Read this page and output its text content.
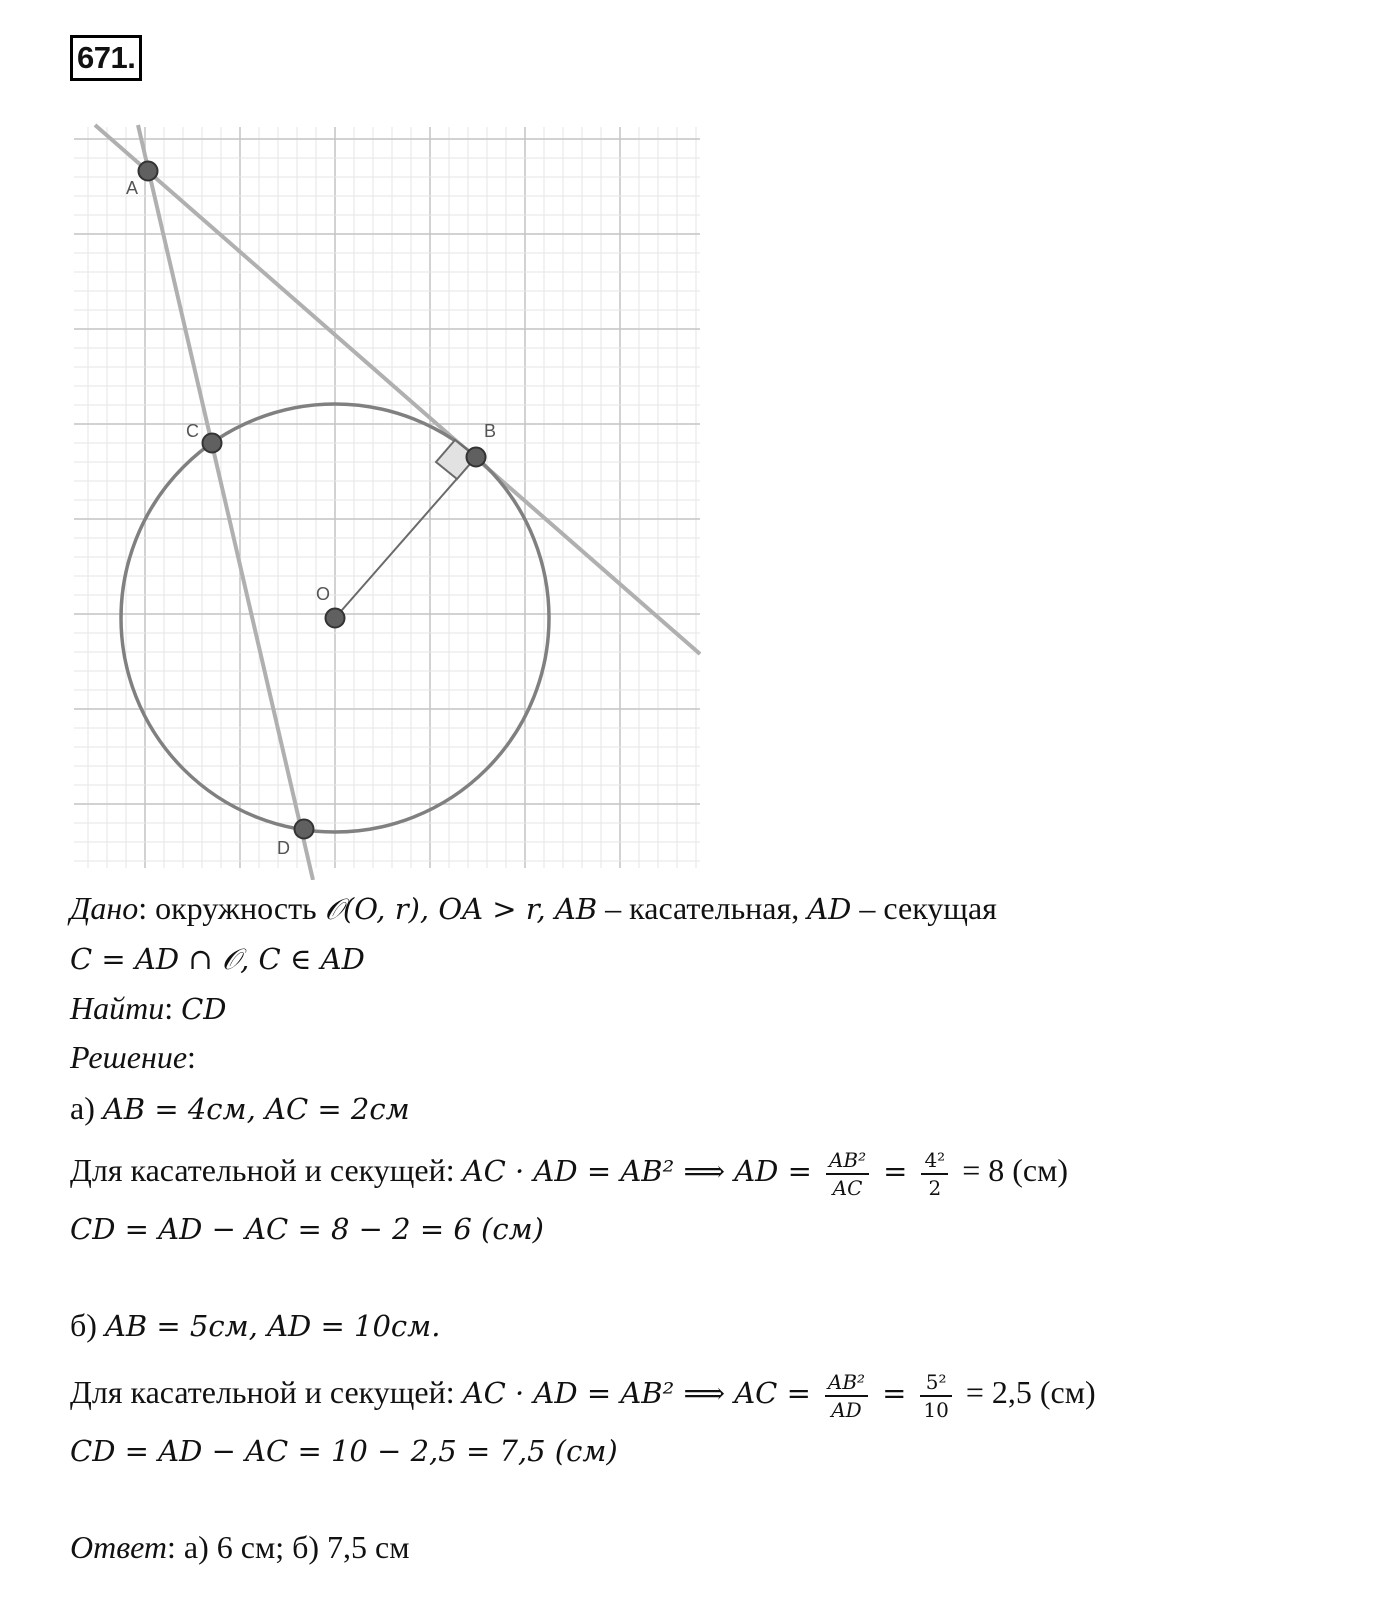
671.
A
B
C
D
O
Дано: окружность 𝒪(O, r), OA > r, AB – касательная, AD – секущая
C = AD ∩ 𝒪, C ∈ AD
Найти: CD
Решение:
а) AB = 4см, AC = 2см
Для касательной и секущей: AC · AD = AB² ⟹ AD = $\frac{\text{AB²}}{AC} = \frac{\text{4²}}{2} = 8$ (см)
CD = AD − AC = 8 − 2 = 6 (см)
б) AB = 5см, AD = 10см.
Для касательной и секущей: AC · AD = AB² ⟹ AC = $\frac{\text{AB²}}{AD} = \frac{\text{5²}}{10} = 2,5$ (см)
CD = AD − AC = 10 − 2,5 = 7,5 (см)
Ответ: а) 6 см; б) 7,5 см
